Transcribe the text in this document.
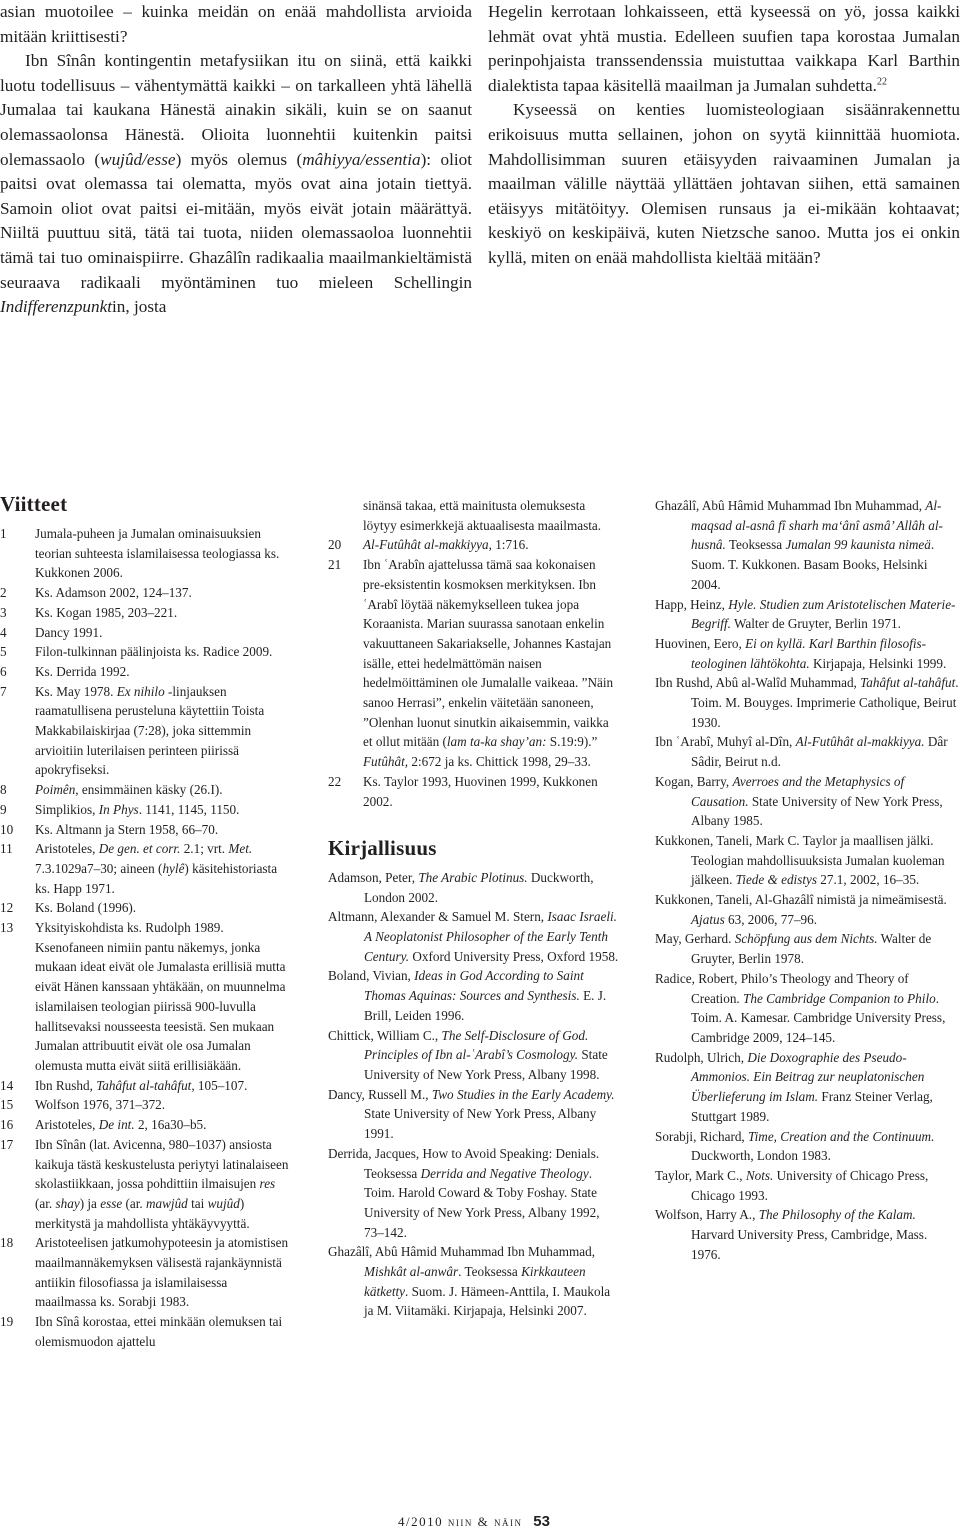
asian muotoilee – kuinka meidän on enää mahdollista arvioida mitään kriittisesti?

Ibn Sînân kontingentin metafysiikan itu on siinä, että kaikki luotu todellisuus – vähentymättä kaikki – on tarkalleen yhtä lähellä Jumalaa tai kaukana Hänestä ainakin sikäli, kuin se on saanut olemassaolonsa Hänestä. Olioita luonnehtii kuitenkin paitsi olemassaolo (wujûd/esse) myös olemus (mâhiyya/essentia): oliot paitsi ovat olemassa tai olematta, myös ovat aina jotain tiettyä. Samoin oliot ovat paitsi ei-mitään, myös eivät jotain määrättyä. Niiltä puuttuu sitä, tätä tai tuota, niiden olemassaoloa luonnehtii tämä tai tuo ominaispiirre. Ghazâlîn radikaalia maailmankieltämistä seuraava radikaali myöntäminen tuo mieleen Schellingin Indifferenzpunktin, josta

Hegelin kerrotaan lohkaisseen, että kyseessä on yö, jossa kaikki lehmät ovat yhtä mustia. Edelleen suufien tapa korostaa Jumalan perinpohjaista transsendenssia muistuttaa vaikkapa Karl Barthin dialektista tapaa käsitellä maailman ja Jumalan suhdetta.$^{22}$

Kyseessä on kenties luomisteologiaan sisäänrakennettu erikoisuus mutta sellainen, johon on syytä kiinnittää huomiota. Mahdollisimman suuren etäisyyden raivaaminen Jumalan ja maailman välille näyttää yllättäen johtavan siihen, että samainen etäisyys mitätöityy. Olemisen runsaus ja ei-mikään kohtaavat; keskiyö on keskipäivä, kuten Nietzsche sanoo. Mutta jos ei onkin kyllä, miten on enää mahdollista kieltää mitään?

Viitteet
1	Jumala-puheen ja Jumalan ominaisuuksien teorian suhteesta islamilaisessa teologiassa ks. Kukkonen 2006.
2	Ks. Adamson 2002, 124–137.
3	Ks. Kogan 1985, 203–221.
4	Dancy 1991.
5	Filon-tulkinnan päälinjoista ks. Radice 2009.
6	Ks. Derrida 1992.
7	Ks. May 1978. Ex nihilo -linjauksen raamatullisena perusteluna käytettiin Toista Makkabilaiskirjaa (7:28), joka sittemmin arvioitiin luterilaisen perinteen piirissä apokryfiseksi.
8	Poimên, ensimmäinen käsky (26.I).
9	Simplikios, In Phys. 1141, 1145, 1150.
10	Ks. Altmann ja Stern 1958, 66–70.
11	Aristoteles, De gen. et corr. 2.1; vrt. Met. 7.3.1029a7–30; aineen (hylê) käsitehistoriasta ks. Happ 1971.
12	Ks. Boland (1996).
13	Yksityiskohdista ks. Rudolph 1989.
Ksenofaneen nimiin pantu näkemys, jonka mukaan ideat eivät ole Jumalasta erillisiä mutta eivät Hänen kanssaan yhtäkään, on muunnelma islamilaisen teologian piirissä 900-luvulla hallitsevaksi nousseesta teesistä. Sen mukaan Jumalan attribuutit eivät ole osa Jumalan olemusta mutta eivät siitä erillisiäkään.
14	Ibn Rushd, Tahâfut al-tahâfut, 105–107.
15	Wolfson 1976, 371–372.
16	Aristoteles, De int. 2, 16a30–b5.
17	Ibn Sînân (lat. Avicenna, 980–1037) ansiosta kaikuja tästä keskustelusta periytyi latinalaiseen skolastiikkaan, jossa pohdittiin ilmaisujen res (ar. shay) ja esse (ar. mawjûd tai wujûd) merkitystä ja mahdollista yhtäkäyvyyttä.
18	Aristoteelisen jatkumohypoteesin ja atomistisen maailmannäkemyksen välisestä rajankäynnistä antiikin filosofiassa ja islamilaisessa maailmassa ks. Sorabji 1983.
19	Ibn Sînâ korostaa, ettei minkään olemuksen tai olemismuodon ajattelu
sinänsä takaa, että mainitusta olemuksesta löytyy esimerkkejä aktuaalisesta maailmasta.
20	Al-Futûhât al-makkiyya, 1:716.
21	Ibn ʿArabîn ajattelussa tämä saa kokonaisen pre-eksistentin kosmoksen merkityksen. Ibn ʿArabî löytää näkemykselleen tukea jopa Koraanista. Marian suurassa sanotaan enkelin vakuuttaneen Sakariakselle, Johannes Kastajan isälle, ettei hedelmättömän naisen hedelmöittäminen ole Jumalalle vaikeaa. ”Näin sanoo Herrasi”, enkelin väitetään sanoneen, ”Olenhan luonut sinutkin aikaisemmin, vaikka et ollut mitään (lam ta-ka shay’an: S.19:9).” Futûhât, 2:672 ja ks. Chittick 1998, 29–33.
22	Ks. Taylor 1993, Huovinen 1999, Kukkonen 2002.
Kirjallisuus

Adamson, Peter, The Arabic Plotinus. Duckworth, London 2002.

Altmann, Alexander & Samuel M. Stern, Isaac Israeli. A Neoplatonist Philosopher of the Early Tenth Century. Oxford University Press, Oxford 1958.

Boland, Vivian, Ideas in God According to Saint Thomas Aquinas: Sources and Synthesis. E. J. Brill, Leiden 1996.

Chittick, William C., The Self-Disclosure of God. Principles of Ibn al-ʿArabî’s Cosmology. State University of New York Press, Albany 1998.

Dancy, Russell M., Two Studies in the Early Academy. State University of New York Press, Albany 1991.

Derrida, Jacques, How to Avoid Speaking: Denials. Teoksessa Derrida and Negative Theology. Toim. Harold Coward & Toby Foshay. State University of New York Press, Albany 1992, 73–142.

Ghazâlî, Abû Hâmid Muhammad Ibn Muhammad, Mishkât al-anwâr. Teoksessa Kirkkauteen kätketty. Suom. J. Hämeen-Anttila, I. Maukola ja M. Viitamäki. Kirjapaja, Helsinki 2007.

Ghazâlî, Abû Hâmid Muhammad Ibn Muhammad, Al-maqsad al-asnâ fî sharh ma‘ânî asmâ’ Allâh al-husnâ. Teoksessa Jumalan 99 kaunista nimeä. Suom. T. Kukkonen. Basam Books, Helsinki 2004.

Happ, Heinz, Hyle. Studien zum Aristotelischen Materie-Begriff. Walter de Gruyter, Berlin 1971.

Huovinen, Eero, Ei on kyllä. Karl Barthin filosofis-teologinen lähtökohta. Kirjapaja, Helsinki 1999.

Ibn Rushd, Abû al-Walîd Muhammad, Tahâfut al-tahâfut. Toim. M. Bouyges. Imprimerie Catholique, Beirut 1930.

Ibn ʿArabî, Muhyî al-Dîn, Al-Futûhât al-makkiyya. Dâr Sâdir, Beirut n.d.

Kogan, Barry, Averroes and the Metaphysics of Causation. State University of New York Press, Albany 1985.

Kukkonen, Taneli, Mark C. Taylor ja maallisen jälki. Teologian mahdollisuuksista Jumalan kuoleman jälkeen. Tiede & edistys 27.1, 2002, 16–35.

Kukkonen, Taneli, Al-Ghazâlî nimistä ja nimeämisestä. Ajatus 63, 2006, 77–96.

May, Gerhard. Schöpfung aus dem Nichts. Walter de Gruyter, Berlin 1978.

Radice, Robert, Philo’s Theology and Theory of Creation. The Cambridge Companion to Philo. Toim. A. Kamesar. Cambridge University Press, Cambridge 2009, 124–145.

Rudolph, Ulrich, Die Doxographie des Pseudo-Ammonios. Ein Beitrag zur neuplatonischen Überlieferung im Islam. Franz Steiner Verlag, Stuttgart 1989.

Sorabji, Richard, Time, Creation and the Continuum. Duckworth, London 1983.

Taylor, Mark C., Nots. University of Chicago Press, Chicago 1993.

Wolfson, Harry A., The Philosophy of the Kalam. Harvard University Press, Cambridge, Mass. 1976.

4/2010 niin & näin 53
